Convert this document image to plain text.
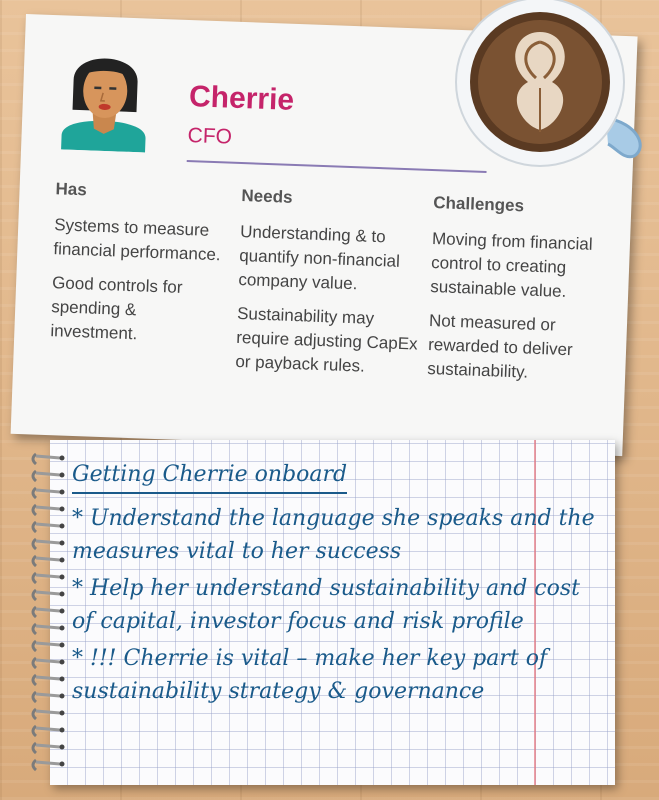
Cherrie
CFO
Has

Systems to measure financial performance.

Good controls for spending & investment.

Needs

Understanding & to quantify non-financial company value.

Sustainability may require adjusting CapEx or payback rules.

Challenges

Moving from financial control to creating sustainable value.

Not measured or rewarded to deliver sustainability.

Getting Cherrie onboard

* Understand the language she speaks and the measures vital to her success

* Help her understand sustainability and cost of capital, investor focus and risk profile

* !!! Cherrie is vital – make her key part of sustainability strategy & governance
